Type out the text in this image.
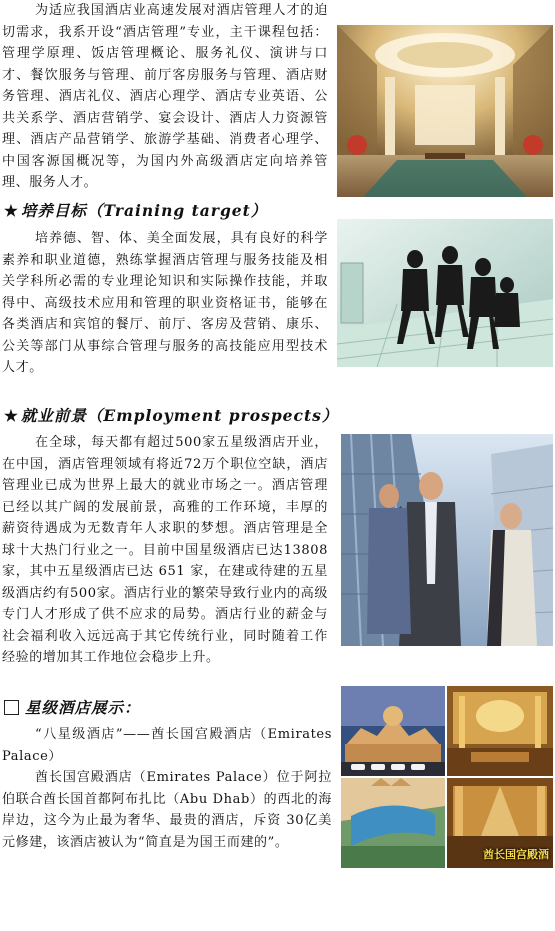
为适应我国酒店业高速发展对酒店管理人才的迫切需求，我系开设“酒店管理”专业，主干课程包括：管理学原理、饭店管理概论、服务礼仪、演讲与口才、餐饮服务与管理、前厅客房服务与管理、酒店财务管理、酒店礼仪、酒店心理学、酒店专业英语、公共关系学、酒店营销学、宴会设计、酒店人力资源管理、酒店产品营销学、旅游学基础、消费者心理学、中国客源国概况等，为国内外高级酒店定向培养管理、服务人才。

★ 培养目标（Training target）

培养德、智、体、美全面发展，具有良好的科学素养和职业道德，熟练掌握酒店管理与服务技能及相关学科所必需的专业理论知识和实际操作技能，并取得中、高级技术应用和管理的职业资格证书，能够在各类酒店和宾馆的餐厅、前厅、客房及营销、康乐、公关等部门从事综合管理与服务的高技能应用型技术人才。

★ 就业前景（Employment prospects）

在全球，每天都有超过500家五星级酒店开业，在中国，酒店管理领域有将近72万个职位空缺，酒店管理业已成为世界上最大的就业市场之一。酒店管理已经以其广阔的发展前景，高雅的工作环境，丰厚的薪资待遇成为无数青年人求职的梦想。酒店管理是全球十大热门行业之一。目前中国星级酒店已达13808家，其中五星级酒店已达 651 家，在建或待建的五星级酒店约有500家。酒店行业的繁荣导致行业内的高级专门人才形成了供不应求的局势。酒店行业的薪金与社会福利收入远远高于其它传统行业，同时随着工作经验的增加其工作地位会稳步上升。

星级酒店展示：

“八星级酒店”——酋长国宫殿酒店（Emirates Palace）

酋长国宫殿酒店（Emirates Palace）位于阿拉伯联合酋长国首都阿布扎比（Abu Dhab）的西北的海岸边，这今为止最为奢华、最贵的酒店，斥资 30亿美元修建，该酒店被认为“简直是为国王而建的”。

酋长国宫殿酒
